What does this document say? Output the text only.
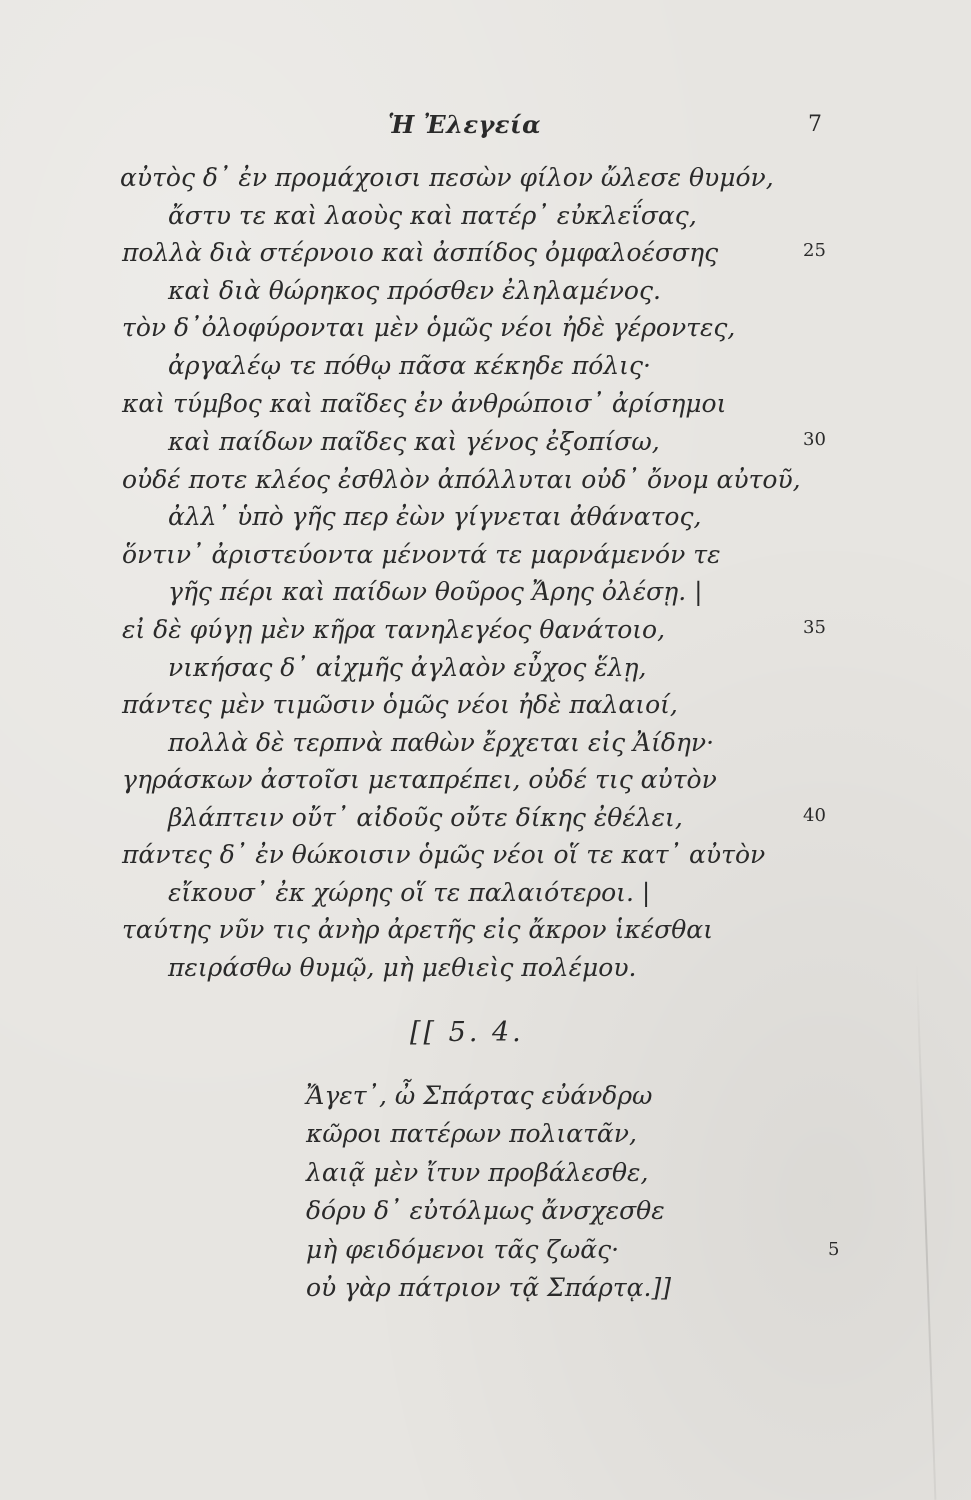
Ἡ Ἐλεγεία	7
αὐτὸς δ᾽ ἐν προμάχοισι πεσὼν φίλον ὤλεσε θυμόν,
ἄστυ τε καὶ λαοὺς καὶ πατέρ᾽ εὐκλεΐσας,
πολλὰ διὰ στέρνοιο καὶ ἀσπίδος ὀμφαλοέσσης
καὶ διὰ θώρηκος πρόσθεν ἐληλαμένος.
τὸν δ᾽ὀλοφύρονται μὲν ὁμῶς νέοι ἠδὲ γέροντες,
ἀργαλέῳ τε πόθῳ πᾶσα κέκηδε πόλις·
καὶ τύμβος καὶ παῖδες ἐν ἀνθρώποισ᾽ ἀρίσημοι
καὶ παίδων παῖδες καὶ γένος ἐξοπίσω,
οὐδέ ποτε κλέος ἐσθλὸν ἀπόλλυται οὐδ᾽ ὄνομ αὐτοῦ,
ἀλλ᾽ ὑπὸ γῆς περ ἐὼν γίγνεται ἀθάνατος,
ὅντιν᾽ ἀριστεύοντα μένοντά τε μαρνάμενόν τε
γῆς πέρι καὶ παίδων θοῦρος Ἄρης ὀλέσῃ. |
εἰ δὲ φύγῃ μὲν κῆρα τανηλεγέος θανάτοιο,
νικήσας δ᾽ αἰχμῆς ἀγλαὸν εὖχος ἕλῃ,
πάντες μὲν τιμῶσιν ὁμῶς νέοι ἠδὲ παλαιοί,
πολλὰ δὲ τερπνὰ παθὼν ἔρχεται εἰς Ἀίδην·
γηράσκων ἀστοῖσι μεταπρέπει, οὐδέ τις αὐτὸν
βλάπτειν οὔτ᾽ αἰδοῦς οὔτε δίκης ἐθέλει,
πάντες δ᾽ ἐν θώκοισιν ὁμῶς νέοι οἵ τε κατ᾽ αὐτὸν
εἴκουσ᾽ ἐκ χώρης οἵ τε παλαιότεροι. |
ταύτης νῦν τις ἀνὴρ ἀρετῆς εἰς ἄκρον ἱκέσθαι
πειράσθω θυμῷ, μὴ μεθιεὶς πολέμου.
25
30
35
40
[[ 5. 4.
Ἄγετ᾽, ὦ Σπάρτας εὐάνδρω
κῶροι πατέρων πολιατᾶν,
λαιᾷ μὲν ἴτυν προβάλεσθε,
δόρυ δ᾽ εὐτόλμως ἄνσχεσθε
μὴ φειδόμενοι τᾶς ζωᾶς·
οὐ γὰρ πάτριον τᾷ Σπάρτᾳ.]]
5
